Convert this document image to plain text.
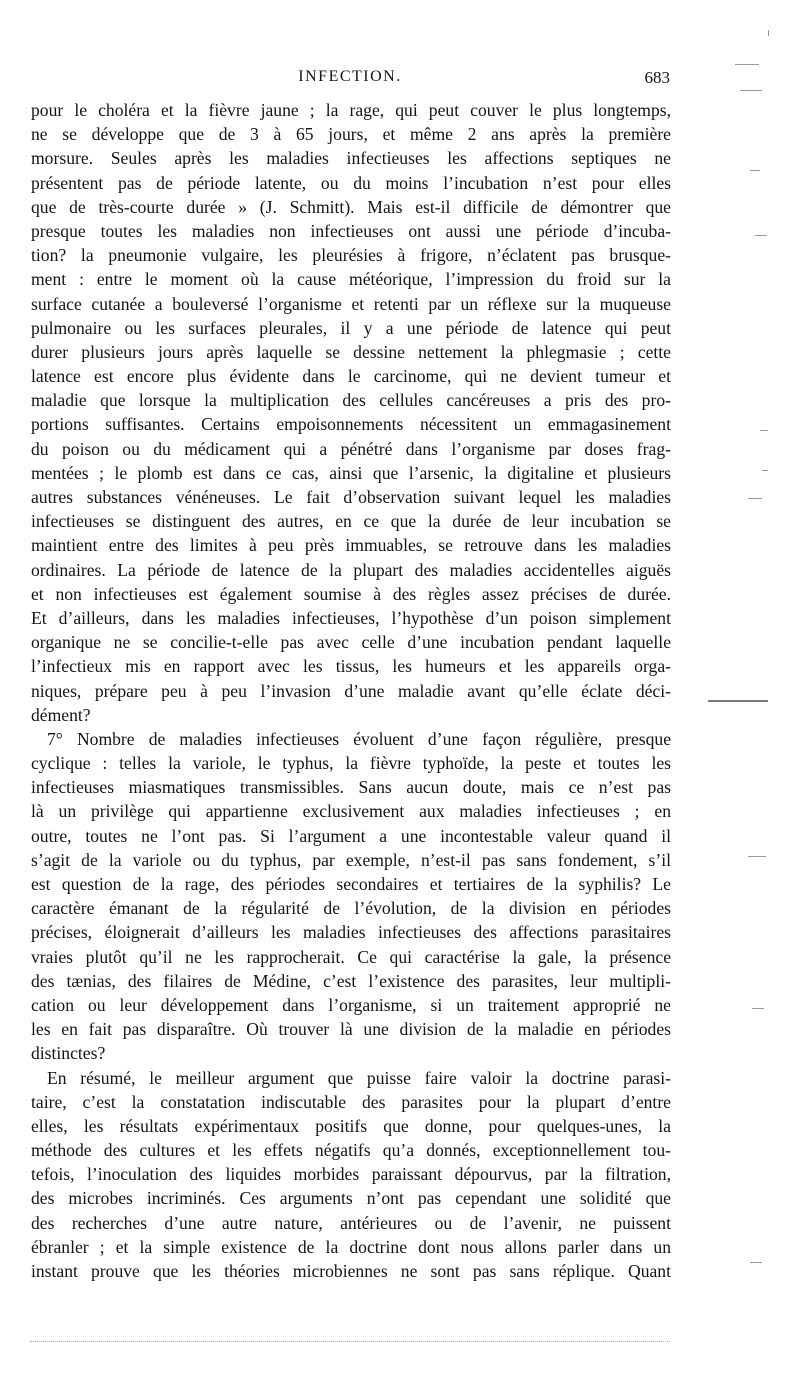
INFECTION.	683
pour le choléra et la fièvre jaune ; la rage, qui peut couver le plus longtemps,
ne se développe que de 3 à 65 jours, et même 2 ans après la première
morsure. Seules après les maladies infectieuses les affections septiques ne
présentent pas de période latente, ou du moins l’incubation n’est pour elles
que de très-courte durée » (J. Schmitt). Mais est-il difficile de démontrer que
presque toutes les maladies non infectieuses ont aussi une période d’incuba-
tion? la pneumonie vulgaire, les pleurésies à frigore, n’éclatent pas brusque-
ment : entre le moment où la cause météorique, l’impression du froid sur la
surface cutanée a bouleversé l’organisme et retenti par un réflexe sur la muqueuse
pulmonaire ou les surfaces pleurales, il y a une période de latence qui peut
durer plusieurs jours après laquelle se dessine nettement la phlegmasie ; cette
latence est encore plus évidente dans le carcinome, qui ne devient tumeur et
maladie que lorsque la multiplication des cellules cancéreuses a pris des pro-
portions suffisantes. Certains empoisonnements nécessitent un emmagasinement
du poison ou du médicament qui a pénétré dans l’organisme par doses frag-
mentées ; le plomb est dans ce cas, ainsi que l’arsenic, la digitaline et plusieurs
autres substances vénéneuses. Le fait d’observation suivant lequel les maladies
infectieuses se distinguent des autres, en ce que la durée de leur incubation se
maintient entre des limites à peu près immuables, se retrouve dans les maladies
ordinaires. La période de latence de la plupart des maladies accidentelles aiguës
et non infectieuses est également soumise à des règles assez précises de durée.
Et d’ailleurs, dans les maladies infectieuses, l’hypothèse d’un poison simplement
organique ne se concilie-t-elle pas avec celle d’une incubation pendant laquelle
l’infectieux mis en rapport avec les tissus, les humeurs et les appareils orga-
niques, prépare peu à peu l’invasion d’une maladie avant qu’elle éclate déci-
dément?
7° Nombre de maladies infectieuses évoluent d’une façon régulière, presque
cyclique : telles la variole, le typhus, la fièvre typhoïde, la peste et toutes les
infectieuses miasmatiques transmissibles. Sans aucun doute, mais ce n’est pas
là un privilège qui appartienne exclusivement aux maladies infectieuses ; en
outre, toutes ne l’ont pas. Si l’argument a une incontestable valeur quand il
s’agit de la variole ou du typhus, par exemple, n’est-il pas sans fondement, s’il
est question de la rage, des périodes secondaires et tertiaires de la syphilis? Le
caractère émanant de la régularité de l’évolution, de la division en périodes
précises, éloignerait d’ailleurs les maladies infectieuses des affections parasitaires
vraies plutôt qu’il ne les rapprocherait. Ce qui caractérise la gale, la présence
des tænias, des filaires de Médine, c’est l’existence des parasites, leur multipli-
cation ou leur développement dans l’organisme, si un traitement approprié ne
les en fait pas disparaître. Où trouver là une division de la maladie en périodes
distinctes?
En résumé, le meilleur argument que puisse faire valoir la doctrine parasi-
taire, c’est la constatation indiscutable des parasites pour la plupart d’entre
elles, les résultats expérimentaux positifs que donne, pour quelques-unes, la
méthode des cultures et les effets négatifs qu’a donnés, exceptionnellement tou-
tefois, l’inoculation des liquides morbides paraissant dépourvus, par la filtration,
des microbes incriminés. Ces arguments n’ont pas cependant une solidité que
des recherches d’une autre nature, antérieures ou de l’avenir, ne puissent
ébranler ; et la simple existence de la doctrine dont nous allons parler dans un
instant prouve que les théories microbiennes ne sont pas sans réplique. Quant
